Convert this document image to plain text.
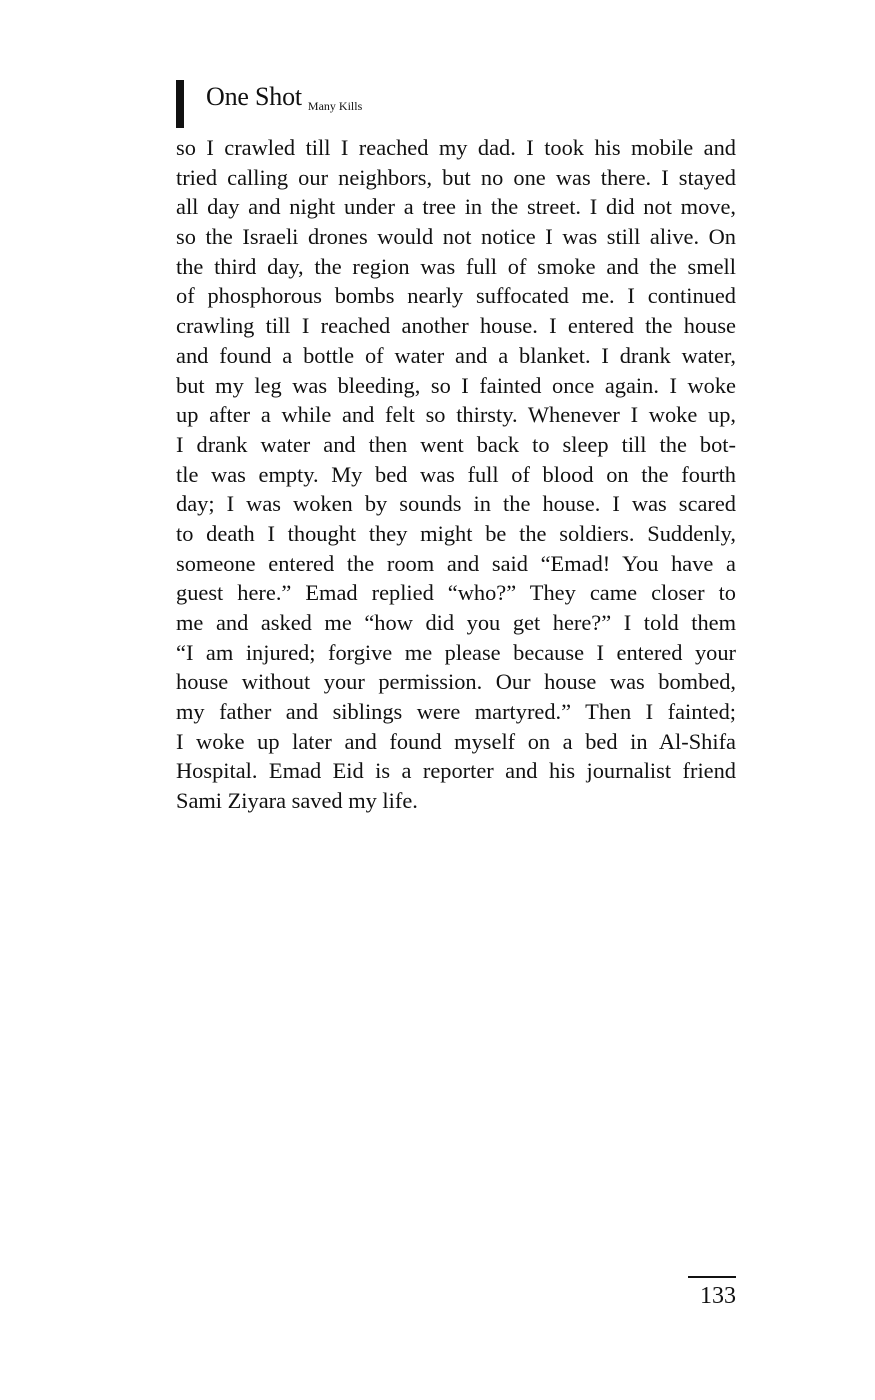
One Shot Many Kills
so I crawled till I reached my dad. I took his mobile and
tried calling our neighbors, but no one was there. I stayed
all day and night under a tree in the street. I did not move,
so the Israeli drones would not notice I was still alive. On
the third day, the region was full of smoke and the smell
of phosphorous bombs nearly suffocated me. I continued
crawling till I reached another house. I entered the house
and found a bottle of water and a blanket. I drank water,
but my leg was bleeding, so I fainted once again. I woke
up after a while and felt so thirsty. Whenever I woke up,
I drank water and then went back to sleep till the bot-
tle was empty. My bed was full of blood on the fourth
day; I was woken by sounds in the house. I was scared
to death I thought they might be the soldiers. Suddenly,
someone entered the room and said “Emad! You have a
guest here.” Emad replied “who?” They came closer to
me and asked me “how did you get here?” I told them
“I am injured; forgive me please because I entered your
house without your permission. Our house was bombed,
my father and siblings were martyred.” Then I fainted;
I woke up later and found myself on a bed in Al-Shifa
Hospital. Emad Eid is a reporter and his journalist friend
Sami Ziyara saved my life.
133
